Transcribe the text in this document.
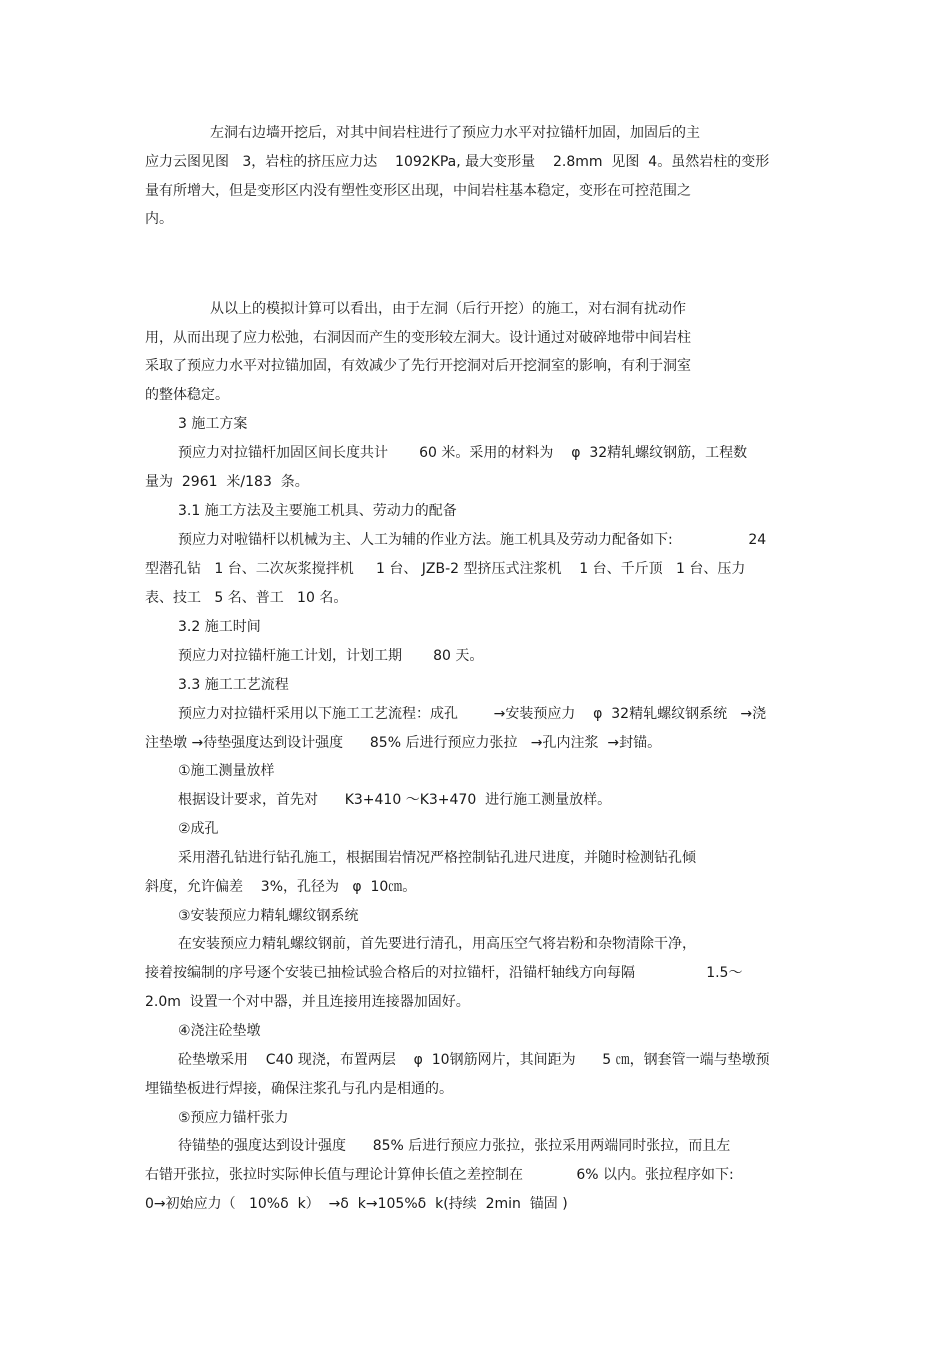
左洞右边墙开挖后，对其中间岩柱进行了预应力水平对拉锚杆加固，加固后的主
应力云图见图   3，岩柱的挤压应力达    1092KPa, 最大变形量    2.8mm  见图  4。虽然岩柱的变形
量有所增大，但是变形区内没有塑性变形区出现，中间岩柱基本稳定，变形在可控范围之
内。
从以上的模拟计算可以看出，由于左洞（后行开挖）的施工，对右洞有扰动作
用，从而出现了应力松弛，右洞因而产生的变形较左洞大。设计通过对破碎地带中间岩柱
采取了预应力水平对拉锚加固，有效减少了先行开挖洞对后开挖洞室的影响，有利于洞室
的整体稳定。
3 施工方案
预应力对拉锚杆加固区间长度共计       60 米。采用的材料为    φ  32精轧螺纹钢筋，工程数
量为  2961  米/183  条。
3.1 施工方法及主要施工机具、劳动力的配备
预应力对啦锚杆以机械为主、人工为辅的作业方法。施工机具及劳动力配备如下:                 24
型潜孔钻   1 台、二次灰浆搅拌机     1 台、 JZB-2 型挤压式注浆机    1 台、千斤顶   1 台、压力
表、技工   5 名、普工   10 名。
3.2 施工时间
预应力对拉锚杆施工计划，计划工期       80 天。
3.3 施工工艺流程
预应力对拉锚杆采用以下施工工艺流程：成孔        →安装预应力    φ  32精轧螺纹钢系统   →浇
注垫墩 →待垫强度达到设计强度      85% 后进行预应力张拉   →孔内注浆  →封锚。
①施工测量放样
根据设计要求，首先对      K3+410 ～K3+470  进行施工测量放样。
②成孔
采用潜孔钻进行钻孔施工，根据围岩情况严格控制钻孔进尺进度，并随时检测钻孔倾
斜度，允许偏差    3%，孔径为   φ  10㎝。
③安装预应力精轧螺纹钢系统
在安装预应力精轧螺纹钢前，首先要进行清孔，用高压空气将岩粉和杂物清除干净，
接着按编制的序号逐个安装已抽检试验合格后的对拉锚杆，沿锚杆轴线方向每隔                1.5～
2.0m  设置一个对中器，并且连接用连接器加固好。
④浇注砼垫墩
砼垫墩采用    C40 现浇，布置两层    φ  10钢筋网片，其间距为      5 ㎝，钢套管一端与垫墩预
埋锚垫板进行焊接，确保注浆孔与孔内是相通的。
⑤预应力锚杆张力
待锚垫的强度达到设计强度      85% 后进行预应力张拉，张拉采用两端同时张拉，而且左
右错开张拉，张拉时实际伸长值与理论计算伸长值之差控制在            6% 以内。张拉程序如下:
0→初始应力（   10%δ  k）  →δ  k→105%δ  k(持续  2min  锚固 )
